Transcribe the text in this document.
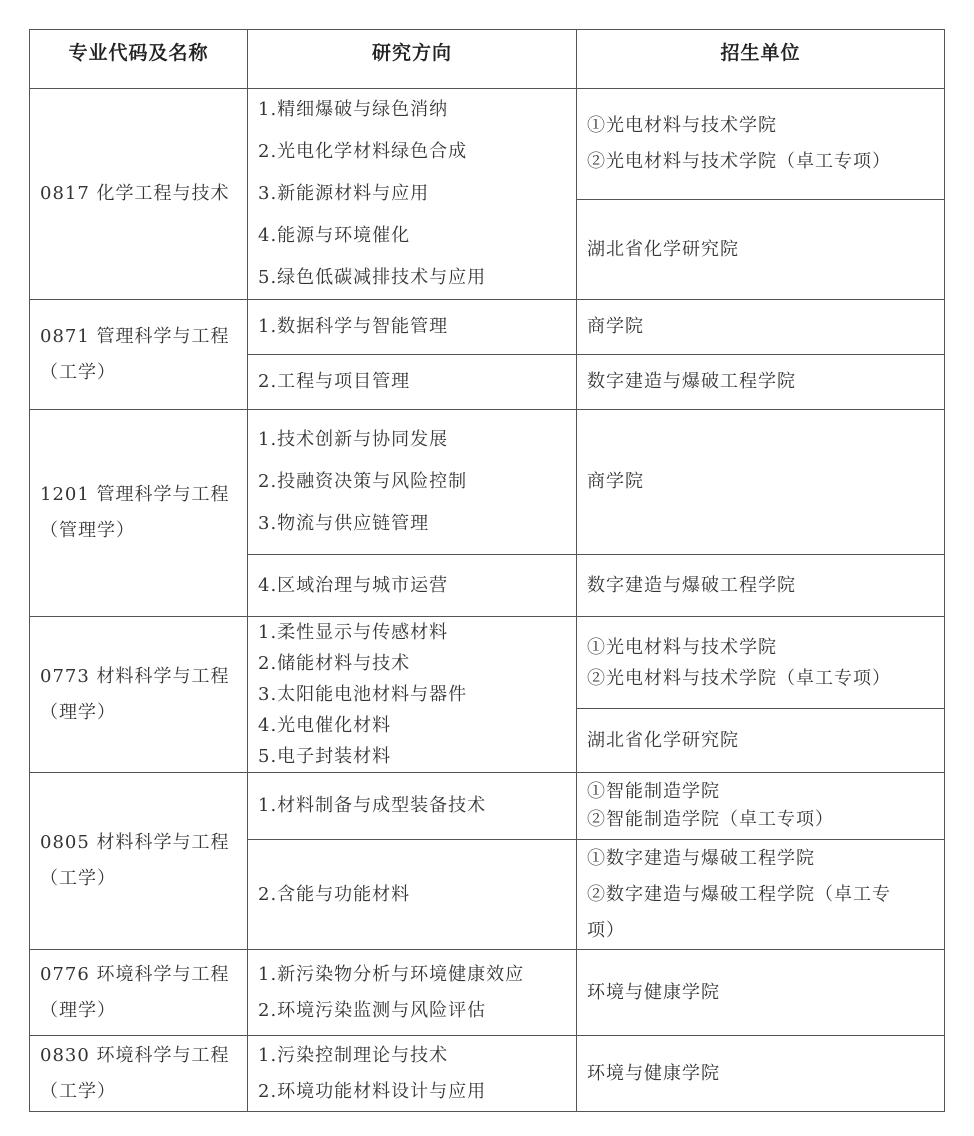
专业代码及名称	研究方向	招生单位

0817 化学工程与技术	1.精细爆破与绿色消纳
2.光电化学材料绿色合成
3.新能源材料与应用
4.能源与环境催化
5.绿色低碳减排技术与应用	①光电材料与技术学院
②光电材料与技术学院（卓工专项）

		湖北省化学研究院

0871 管理科学与工程
（工学）	1.数据科学与智能管理	商学院

	2.工程与项目管理	数字建造与爆破工程学院

1201 管理科学与工程
（管理学）	1.技术创新与协同发展
2.投融资决策与风险控制
3.物流与供应链管理	商学院

	4.区域治理与城市运营	数字建造与爆破工程学院

0773 材料科学与工程
（理学）	1.柔性显示与传感材料
2.储能材料与技术
3.太阳能电池材料与器件
4.光电催化材料
5.电子封装材料	①光电材料与技术学院
②光电材料与技术学院（卓工专项）

		湖北省化学研究院

0805 材料科学与工程
（工学）	1.材料制备与成型装备技术	①智能制造学院
②智能制造学院（卓工专项）

	2.含能与功能材料	①数字建造与爆破工程学院
②数字建造与爆破工程学院（卓工专
项）

0776 环境科学与工程
（理学）	1.新污染物分析与环境健康效应
2.环境污染监测与风险评估	环境与健康学院

0830 环境科学与工程
（工学）	1.污染控制理论与技术
2.环境功能材料设计与应用	环境与健康学院
